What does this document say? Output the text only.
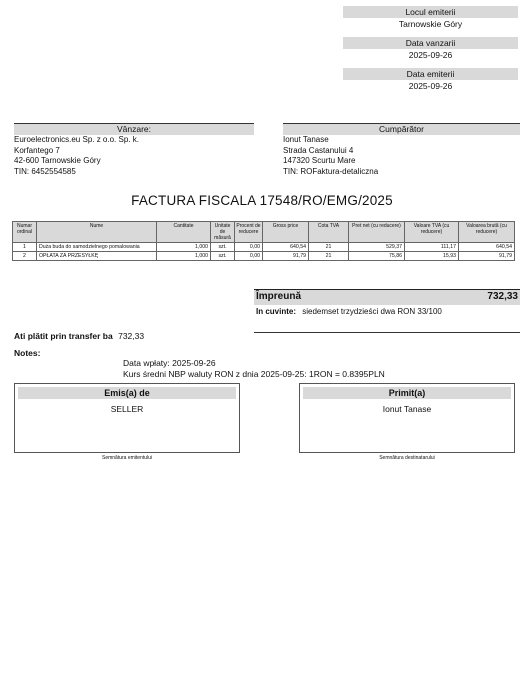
Locul emiterii
Tarnowskie Góry
Data vanzarii
2025-09-26
Data emiterii
2025-09-26
Vânzare:
Euroelectronics.eu Sp. z o.o. Sp. k.
Korfantego 7
42-600 Tarnowskie Góry
TIN: 6452554585
Cumpărător
Ionut Tanase
Strada Castanului 4
147320 Scurtu Mare
TIN: ROFaktura-detaliczna
FACTURA FISCALA 17548/RO/EMG/2025
Numar ordinal	Nume	Cantitate	Unitate de măsură	Procent de reducere	Gross price	Cota TVA	Pret net (cu reducere)	Valoare TVA (cu reducere)	Valoarea brută (cu reducere)
1	Duża buda do samodzielnego pomalowania	1,000	szt.	0,00	640,54	21	529,37	111,17	640,54
2	OPŁATA ZA PRZESYŁKĘ	1,000	szt.	0,00	91,79	21	75,86	15,93	91,79
Împreună	732,33
In cuvinte: siedemset trzydzieści dwa RON 33/100
Ati plătit prin transfer ba 732,33
Notes:
Data wpłaty: 2025-09-26
Kurs średni NBP waluty RON z dnia 2025-09-25: 1RON = 0.8395PLN
Emis(a) de
SELLER
Semnătura emitentului
Primit(a)
Ionut Tanase
Semnătura destinatarului
